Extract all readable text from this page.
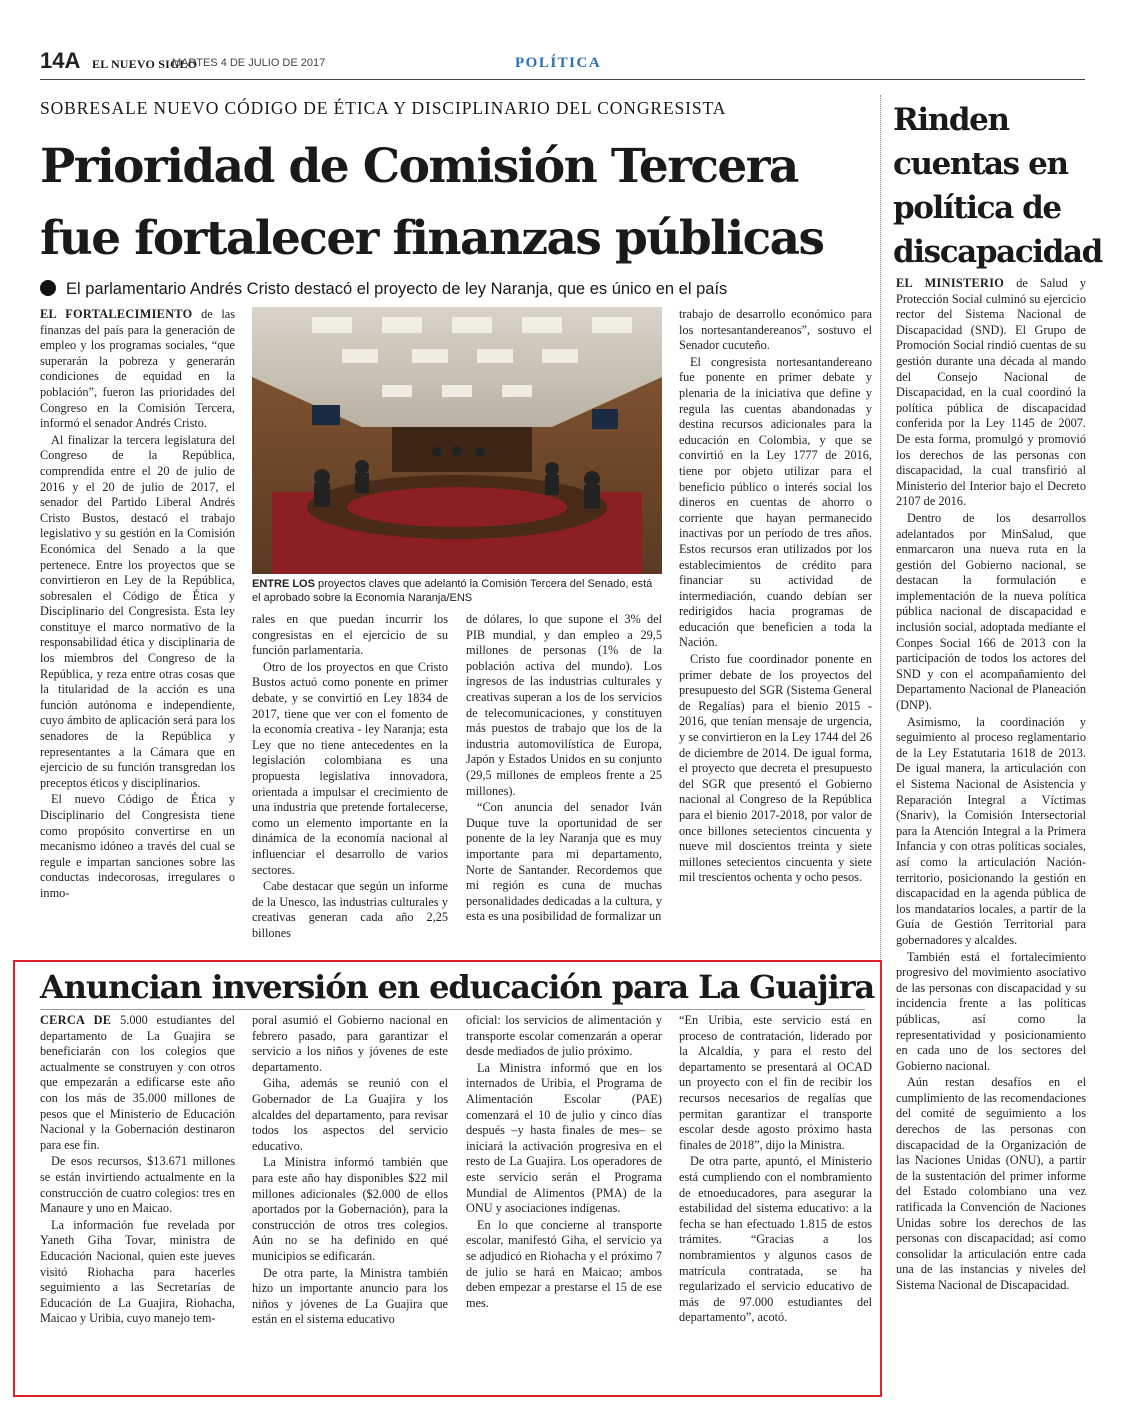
14A EL NUEVO SIGLO
MARTES 4 DE JULIO DE 2017	POLÍTICA
SOBRESALE NUEVO CÓDIGO DE ÉTICA Y DISCIPLINARIO DEL CONGRESISTA
Prioridad de Comisión Tercera fue fortalecer finanzas públicas
El parlamentario Andrés Cristo destacó el proyecto de ley Naranja, que es único en el país

EL FORTALECIMIENTO de las finanzas del país para la generación de empleo y los programas sociales, “que superarán la pobreza y generarán condiciones de equidad en la población”, fueron las prioridades del Congreso en la Comisión Tercera, informó el senador Andrés Cristo.

Al finalizar la tercera legislatura del Congreso de la República, comprendida entre el 20 de julio de 2016 y el 20 de julio de 2017, el senador del Partido Liberal Andrés Cristo Bustos, destacó el trabajo legislativo y su gestión en la Comisión Económica del Senado a la que pertenece. Entre los proyectos que se convirtieron en Ley de la República, sobresalen el Código de Ética y Disciplinario del Congresista. Esta ley constituye el marco normativo de la responsabilidad ética y disciplinaria de los miembros del Congreso de la República, y reza entre otras cosas que la titularidad de la acción es una función autónoma e independiente, cuyo ámbito de aplicación será para los senadores de la República y representantes a la Cámara que en ejercicio de su función transgredan los preceptos éticos y disciplinarios.

El nuevo Código de Ética y Disciplinario del Congresista tiene como propósito convertirse en un mecanismo idóneo a través del cual se regule e impartan sanciones sobre las conductas indecorosas, irregulares o inmo-

ENTRE LOS proyectos claves que adelantó la Comisión Tercera del Senado, está el aprobado sobre la Economía Naranja/ENS

rales en que puedan incurrir los congresistas en el ejercicio de su función parlamentaria.

Otro de los proyectos en que Cristo Bustos actuó como ponente en primer debate, y se convirtió en Ley 1834 de 2017, tiene que ver con el fomento de la economía creativa - ley Naranja; esta Ley que no tiene antecedentes en la legislación colombiana es una propuesta legislativa innovadora, orientada a impulsar el crecimiento de una industria que pretende fortalecerse, como un elemento importante en la dinámica de la economía nacional al influenciar el desarrollo de varios sectores.

Cabe destacar que según un informe de la Unesco, las industrias culturales y creativas generan cada año 2,25 billones

de dólares, lo que supone el 3% del PIB mundial, y dan empleo a 29,5 millones de personas (1% de la población activa del mundo). Los ingresos de las industrias culturales y creativas superan a los de los servicios de telecomunicaciones, y constituyen más puestos de trabajo que los de la industria automovilística de Europa, Japón y Estados Unidos en su conjunto (29,5 millones de empleos frente a 25 millones).

“Con anuncia del senador Iván Duque tuve la oportunidad de ser ponente de la ley Naranja que es muy importante para mi departamento, Norte de Santander. Recordemos que mi región es cuna de muchas personalidades dedicadas a la cultura, y esta es una posibilidad de formalizar un

trabajo de desarrollo económico para los nortesantandereanos”, sostuvo el Senador cucuteño.

El congresista nortesantandereano fue ponente en primer debate y plenaria de la iniciativa que define y regula las cuentas abandonadas y destina recursos adicionales para la educación en Colombia, y que se convirtió en la Ley 1777 de 2016, tiene por objeto utilizar para el beneficio público o interés social los dineros en cuentas de ahorro o corriente que hayan permanecido inactivas por un período de tres años. Estos recursos eran utilizados por los establecimientos de crédito para financiar su actividad de intermediación, cuando debían ser redirigidos hacia programas de educación que beneficien a toda la Nación.

Cristo fue coordinador ponente en primer debate de los proyectos del presupuesto del SGR (Sistema General de Regalías) para el bienio 2015 - 2016, que tenían mensaje de urgencia, y se convirtieron en la Ley 1744 del 26 de diciembre de 2014. De igual forma, el proyecto que decreta el presupuesto del SGR que presentó el Gobierno nacional al Congreso de la República para el bienio 2017-2018, por valor de once billones setecientos cincuenta y nueve mil doscientos treinta y siete millones setecientos cincuenta y siete mil trescientos ochenta y ocho pesos.

Rinden cuentas en política de discapacidad

EL MINISTERIO de Salud y Protección Social culminó su ejercicio rector del Sistema Nacional de Discapacidad (SND). El Grupo de Promoción Social rindió cuentas de su gestión durante una década al mando del Consejo Nacional de Discapacidad, en la cual coordinó la política pública de discapacidad conferida por la Ley 1145 de 2007. De esta forma, promulgó y promovió los derechos de las personas con discapacidad, la cual transfirió al Ministerio del Interior bajo el Decreto 2107 de 2016.

Dentro de los desarrollos adelantados por MinSalud, que enmarcaron una nueva ruta en la gestión del Gobierno nacional, se destacan la formulación e implementación de la nueva política pública nacional de discapacidad e inclusión social, adoptada mediante el Conpes Social 166 de 2013 con la participación de todos los actores del SND y con el acompañamiento del Departamento Nacional de Planeación (DNP).

Asimismo, la coordinación y seguimiento al proceso reglamentario de la Ley Estatutaria 1618 de 2013. De igual manera, la articulación con el Sistema Nacional de Asistencia y Reparación Integral a Víctimas (Snariv), la Comisión Intersectorial para la Atención Integral a la Primera Infancia y con otras políticas sociales, así como la articulación Nación-territorio, posicionando la gestión en discapacidad en la agenda pública de los mandatarios locales, a partir de la Guía de Gestión Territorial para gobernadores y alcaldes.

También está el fortalecimiento progresivo del movimiento asociativo de las personas con discapacidad y su incidencia frente a las políticas públicas, así como la representatividad y posicionamiento en cada uno de los sectores del Gobierno nacional.

Aún restan desafíos en el cumplimiento de las recomendaciones del comité de seguimiento a los derechos de las personas con discapacidad de la Organización de las Naciones Unidas (ONU), a partir de la sustentación del primer informe del Estado colombiano una vez ratificada la Convención de Naciones Unidas sobre los derechos de las personas con discapacidad; así como consolidar la articulación entre cada una de las instancias y niveles del Sistema Nacional de Discapacidad.

Anuncian inversión en educación para La Guajira

CERCA DE 5.000 estudiantes del departamento de La Guajira se beneficiarán con los colegios que actualmente se construyen y con otros que empezarán a edificarse este año con los más de 35.000 millones de pesos que el Ministerio de Educación Nacional y la Gobernación destinaron para ese fin.

De esos recursos, $13.671 millones se están invirtiendo actualmente en la construcción de cuatro colegios: tres en Manaure y uno en Maicao.

La información fue revelada por Yaneth Giha Tovar, ministra de Educación Nacional, quien este jueves visitó Riohacha para hacerles seguimiento a las Secretarías de Educación de La Guajira, Riohacha, Maicao y Uribia, cuyo manejo tem-

poral asumió el Gobierno nacional en febrero pasado, para garantizar el servicio a los niños y jóvenes de este departamento.

Giha, además se reunió con el Gobernador de La Guajira y los alcaldes del departamento, para revisar todos los aspectos del servicio educativo.

La Ministra informó también que para este año hay disponibles $22 mil millones adicionales ($2.000 de ellos aportados por la Gobernación), para la construcción de otros tres colegios. Aún no se ha definido en qué municipios se edificarán.

De otra parte, la Ministra también hizo un importante anuncio para los niños y jóvenes de La Guajira que están en el sistema educativo

oficial: los servicios de alimentación y transporte escolar comenzarán a operar desde mediados de julio próximo.

La Ministra informó que en los internados de Uribia, el Programa de Alimentación Escolar (PAE) comenzará el 10 de julio y cinco días después –y hasta finales de mes– se iniciará la activación progresiva en el resto de La Guajira. Los operadores de este servicio serán el Programa Mundial de Alimentos (PMA) de la ONU y asociaciones indígenas.

En lo que concierne al transporte escolar, manifestó Giha, el servicio ya se adjudicó en Riohacha y el próximo 7 de julio se hará en Maicao; ambos deben empezar a prestarse el 15 de ese mes.

“En Uribia, este servicio está en proceso de contratación, liderado por la Alcaldía, y para el resto del departamento se presentará al OCAD un proyecto con el fin de recibir los recursos necesarios de regalías que permitan garantizar el transporte escolar desde agosto próximo hasta finales de 2018”, dijo la Ministra.

De otra parte, apuntó, el Ministerio está cumpliendo con el nombramiento de etnoeducadores, para asegurar la estabilidad del sistema educativo: a la fecha se han efectuado 1.815 de estos trámites. “Gracias a los nombramientos y algunos casos de matrícula contratada, se ha regularizado el servicio educativo de más de 97.000 estudiantes del departamento”, acotó.
